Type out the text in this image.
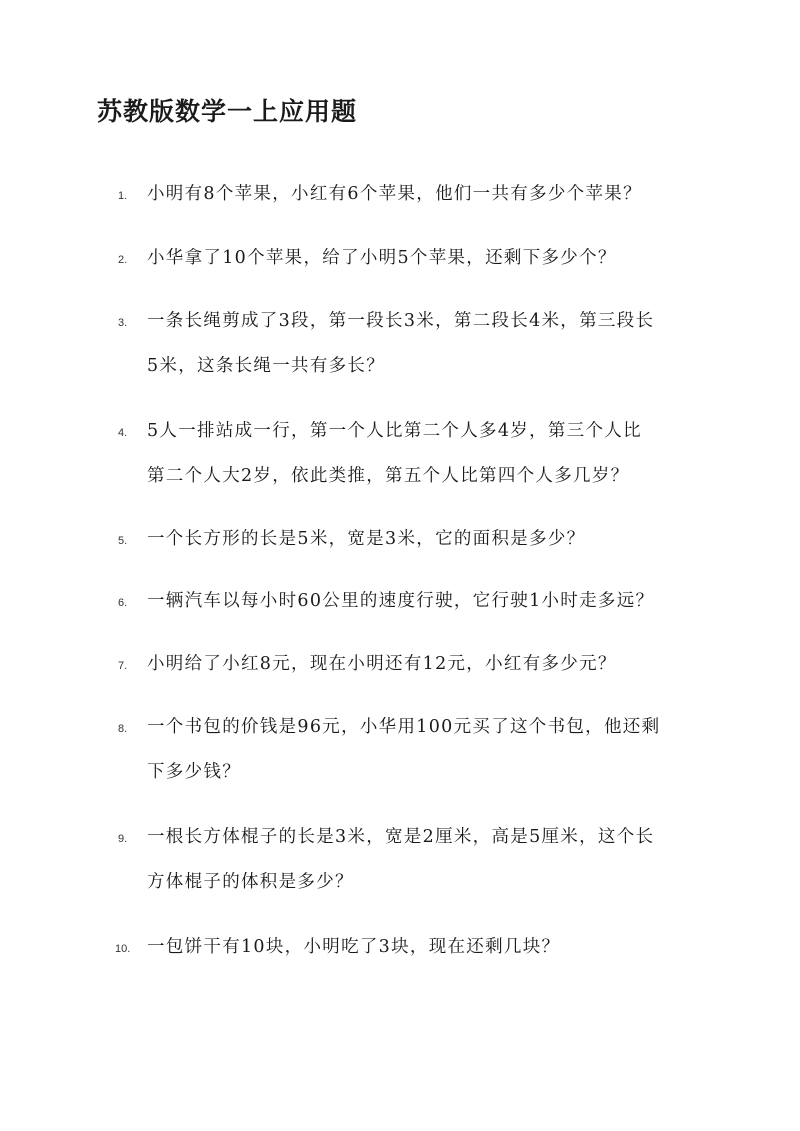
苏教版数学一上应用题
1. 小明有8个苹果，小红有6个苹果，他们一共有多少个苹果？
2. 小华拿了10个苹果，给了小明5个苹果，还剩下多少个？
3. 一条长绳剪成了3段，第一段长3米，第二段长4米，第三段长
5米，这条长绳一共有多长？
4. 5人一排站成一行，第一个人比第二个人多4岁，第三个人比
第二个人大2岁，依此类推，第五个人比第四个人多几岁？
5. 一个长方形的长是5米，宽是3米，它的面积是多少？
6. 一辆汽车以每小时60公里的速度行驶，它行驶1小时走多远？
7. 小明给了小红8元，现在小明还有12元，小红有多少元？
8. 一个书包的价钱是96元，小华用100元买了这个书包，他还剩
下多少钱？
9. 一根长方体棍子的长是3米，宽是2厘米，高是5厘米，这个长
方体棍子的体积是多少？
10. 一包饼干有10块，小明吃了3块，现在还剩几块？
